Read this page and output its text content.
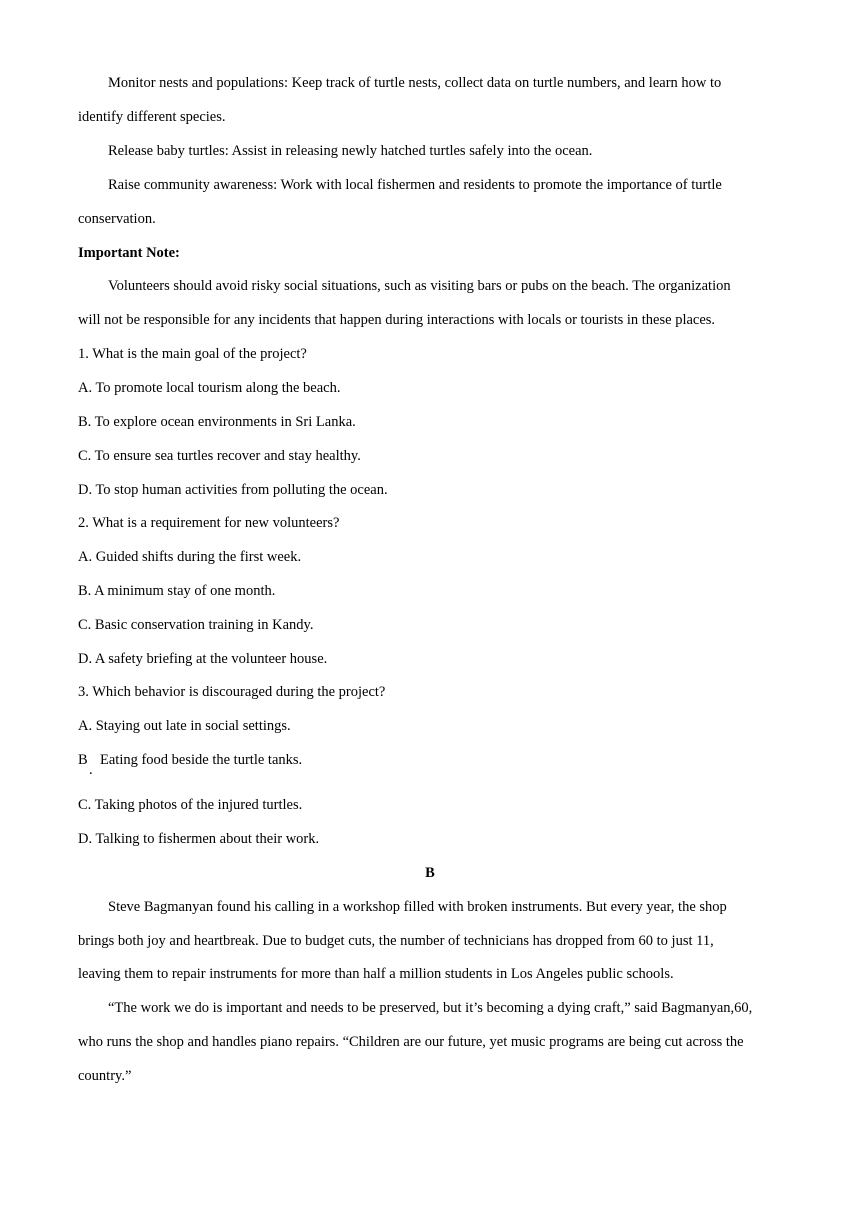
Monitor nests and populations: Keep track of turtle nests, collect data on turtle numbers, and learn how to
identify different species.
Release baby turtles: Assist in releasing newly hatched turtles safely into the ocean.
Raise community awareness: Work with local fishermen and residents to promote the importance of turtle
conservation.
Important Note:
Volunteers should avoid risky social situations, such as visiting bars or pubs on the beach. The organization
will not be responsible for any incidents that happen during interactions with locals or tourists in these places.
1. What is the main goal of the project?
A. To promote local tourism along the beach.
B. To explore ocean environments in Sri Lanka.
C. To ensure sea turtles recover and stay healthy.
D. To stop human activities from polluting the ocean.
2. What is a requirement for new volunteers?
A. Guided shifts during the first week.
B. A minimum stay of one month.
C. Basic conservation training in Kandy.
D. A safety briefing at the volunteer house.
3. Which behavior is discouraged during the project?
A. Staying out late in social settings.
B
.
Eating food beside the turtle tanks.
C. Taking photos of the injured turtles.
D. Talking to fishermen about their work.
B
Steve Bagmanyan found his calling in a workshop filled with broken instruments. But every year, the shop
brings both joy and heartbreak. Due to budget cuts, the number of technicians has dropped from 60 to just 11,
leaving them to repair instruments for more than half a million students in Los Angeles public schools.
“The work we do is important and needs to be preserved, but it’s becoming a dying craft,” said Bagmanyan,60,
who runs the shop and handles piano repairs. “Children are our future, yet music programs are being cut across the
country.”
